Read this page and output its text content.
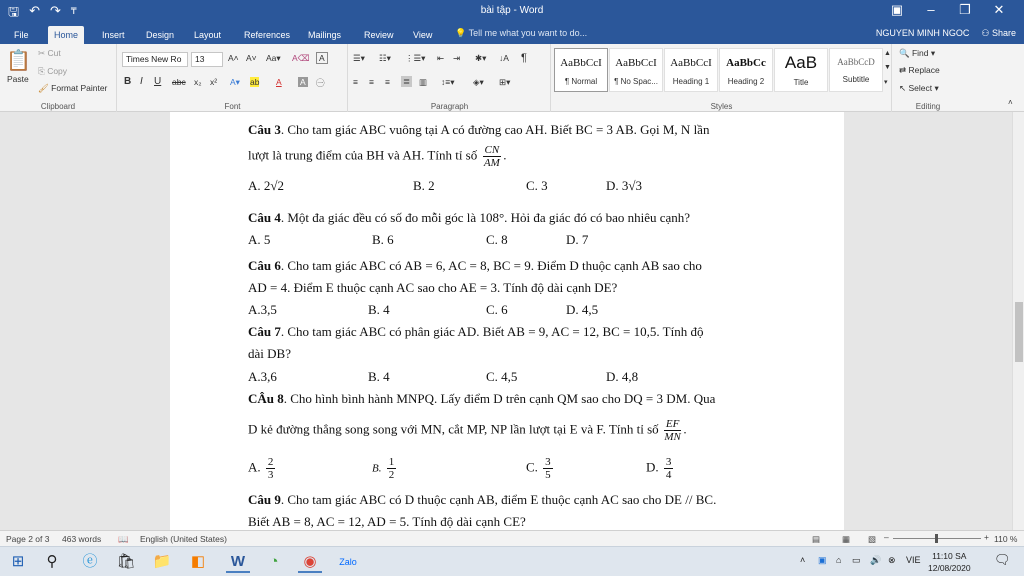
🖫 ↶ ↷ ₸	bài tập - Word	▣	–	❐	✕
File	Home	Insert	Design	Layout	References	Mailings	Review	View	💡 Tell me what you want to do...	NGUYEN MINH NGOC ⚇ Share
📋
Paste
✂ Cut
⎘ Copy
🖌 Format Painter
Clipboard
Times New Ro	13	A˄ A˅ Aa▾ A⌫	A
B I U abc x₂ x² A▾ ab A A ㊀
Font
☰▾ ☷▾ ⋮☰▾ ⇤ ⇥ ✱▾ ↓A ¶
≡ ≡ ≡ ≣ ▥ ↕≡▾ ◈▾ ⊞▾
Paragraph
AaBbCcI
¶ Normal
AaBbCcI
¶ No Spac...
AaBbCcI
Heading 1
AaBbCc
Heading 2
AaB
Title
AaBbCcD
Subtitle
▲
▼
▾
Styles
🔍 Find ▾
⇄ Replace
↖ Select ▾
Editing	˄
Câu 3. Cho tam giác ABC vuông tại A có đường cao AH. Biết BC = 3 AB. Gọi M, N lần
lượt là trung điểm của BH và AH. Tính tỉ số $\frac{CN}{AM}$ .
A. 2√2	B. 2	C. 3	D. 3√3
Câu 4. Một đa giác đều có số đo mỗi góc là 108°. Hỏi đa giác đó có bao nhiêu cạnh?
A. 5	B. 6	C. 8	D. 7
Câu 6. Cho tam giác ABC có AB = 6, AC = 8, BC = 9. Điểm D thuộc cạnh AB sao cho
AD = 4. Điểm E thuộc cạnh AC sao cho AE = 3. Tính độ dài cạnh DE?
A.3,5	B. 4	C. 6	D. 4,5
Câu 7. Cho tam giác ABC có phân giác AD. Biết AB = 9, AC = 12, BC = 10,5. Tính độ
dài DB?
A.3,6	B. 4	C. 4,5	D. 4,8
CÂu 8. Cho hình bình hành MNPQ. Lấy điểm D trên cạnh QM sao cho DQ = 3 DM. Qua
D kẻ đường thẳng song song với MN, cắt MP, NP lần lượt tại E và F. Tính tỉ số $\frac{EF}{MN}$ .
A. $\frac{2}{3}$	B. $\frac{1}{2}$	C. $\frac{3}{5}$	D. $\frac{3}{4}$
Câu 9. Cho tam giác ABC có D thuộc cạnh AB, điểm E thuộc cạnh AC sao cho DE // BC.
Biết AB = 8, AC = 12, AD = 5. Tính độ dài cạnh CE?
Page 2 of 3 463 words 📖 English (United States)	▤	▦ ▧ –	+ 110 %
⊞	⚲	ⓔ	🛍 📁	◧	W	◔	◉	Zalo	˄ ▣ ⌂ ▭ 🔊 ⊗ VIE	11:10 SA
12/08/2020
🗨
